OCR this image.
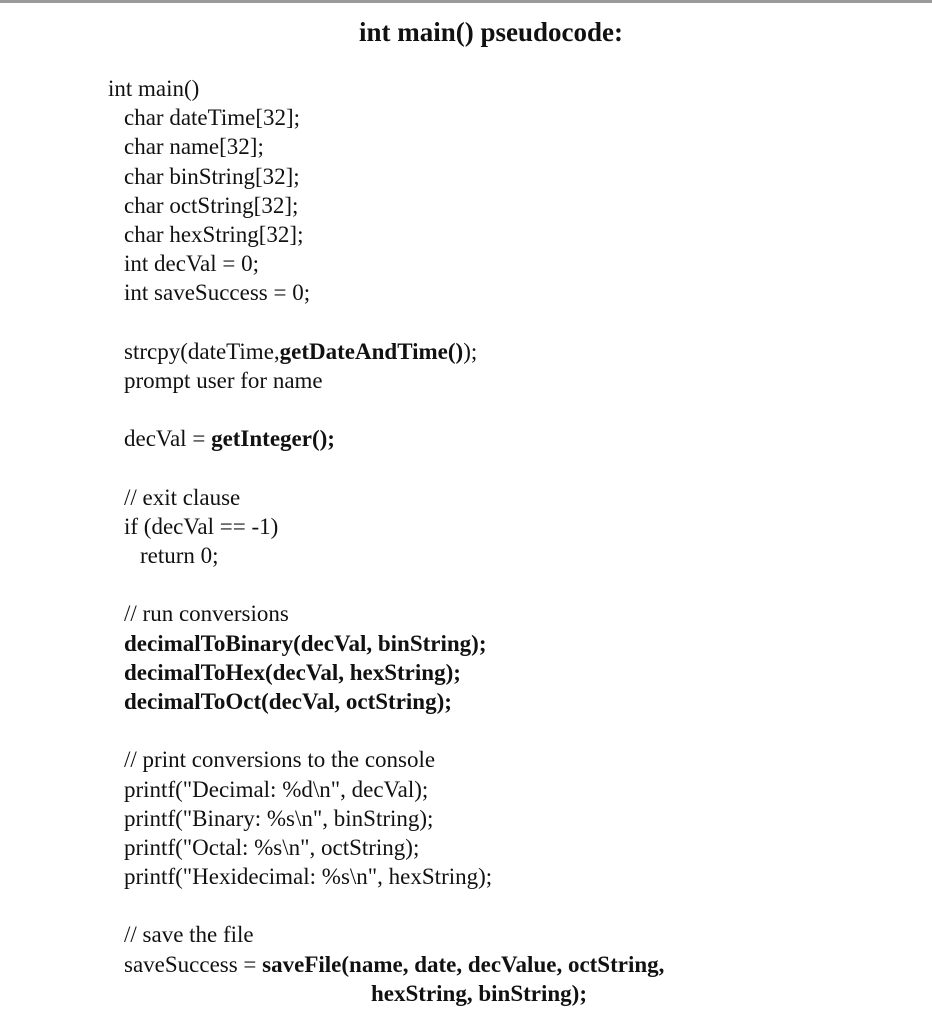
int main() pseudocode:
int main()
char dateTime[32];
char name[32];
char binString[32];
char octString[32];
char hexString[32];
int decVal = 0;
int saveSuccess = 0;
strcpy(dateTime,getDateAndTime());
prompt user for name
decVal = getInteger();
// exit clause
if (decVal == -1)
return 0;
// run conversions
decimalToBinary(decVal, binString);
decimalToHex(decVal, hexString);
decimalToOct(decVal, octString);
// print conversions to the console
printf("Decimal: %d\n", decVal);
printf("Binary: %s\n", binString);
printf("Octal: %s\n", octString);
printf("Hexidecimal: %s\n", hexString);
// save the file
saveSuccess = saveFile(name, date, decValue, octString,
hexString, binString);
